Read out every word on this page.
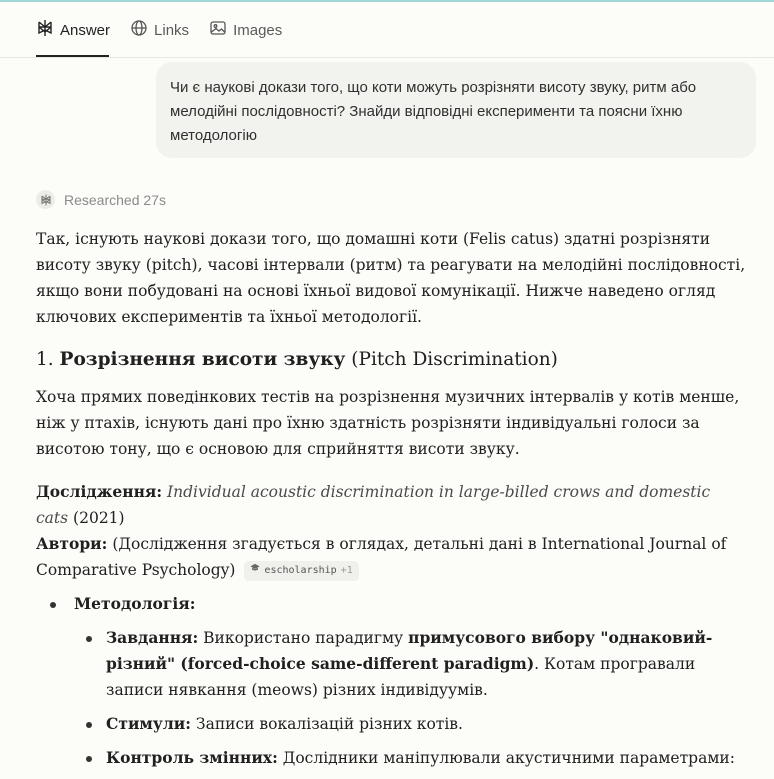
Answer	Links	Images
Чи є наукові докази того, що коти можуть розрізняти висоту звуку, ритм або мелодійні послідовності? Знайди відповідні експерименти та поясни їхню методологію
Researched 27s

Так, існують наукові докази того, що домашні коти (Felis catus) здатні розрізняти висоту звуку (pitch), часові інтервали (ритм) та реагувати на мелодійні послідовності, якщо вони побудовані на основі їхньої видової комунікації. Нижче наведено огляд ключових експериментів та їхньої методології.

1. Розрізнення висоти звуку (Pitch Discrimination)

Хоча прямих поведінкових тестів на розрізнення музичних інтервалів у котів менше, ніж у птахів, існують дані про їхню здатність розрізняти індивідуальні голоси за висотою тону, що є основою для сприйняття висоти звуку.

Дослідження: Individual acoustic discrimination in large-billed crows and domestic cats (2021)

Автори: (Дослідження згадується в оглядах, детальні дані в International Journal of Comparative Psychology)	escholarship +1

Методологія:
Завдання: Використано парадигму примусового вибору "однаковий-різний" (forced-choice same-different paradigm). Котам програвали записи нявкання (meows) різних індивідуумів.
Стимули: Записи вокалізацій різних котів.
Контроль змінних: Дослідники маніпулювали акустичними параметрами:
